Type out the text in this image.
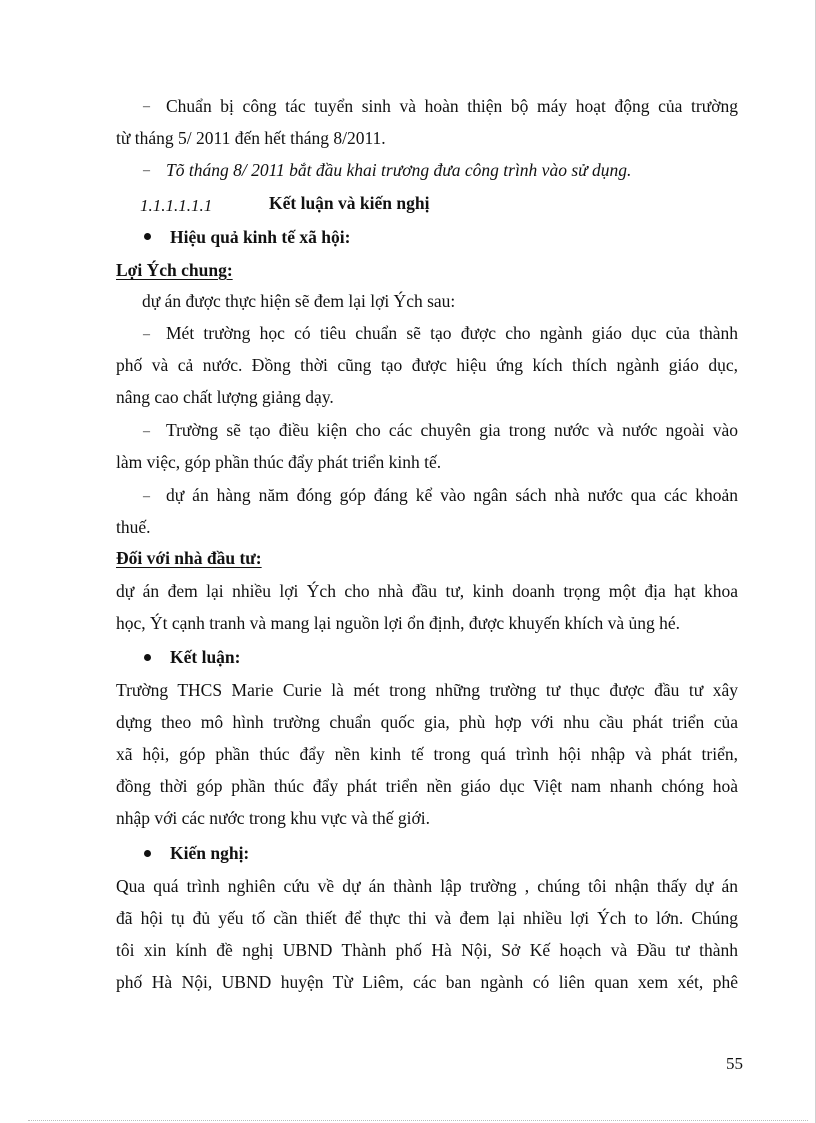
– Chuẩn bị công tác tuyển sinh và hoàn thiện bộ máy hoạt động của trường
từ tháng 5/ 2011 đến hết tháng 8/2011.
– Tõ tháng 8/ 2011 bắt đầu khai trương đưa công trình vào sử dụng.
1.1.1.1.1.1	Kết luận và kiến nghị
Hiệu quả kinh tế xã hội:
Lợi Ých chung:
dự án được thực hiện sẽ đem lại lợi Ých sau:
– Mét trường học có tiêu chuẩn sẽ tạo được cho ngành giáo dục của thành
phố và cả nước. Đồng thời cũng tạo được hiệu ứng kích thích ngành giáo dục,
nâng cao chất lượng giảng dạy.
– Trường sẽ tạo điều kiện cho các chuyên gia trong nước và nước ngoài vào
làm việc, góp phần thúc đẩy phát triển kinh tế.
– dự án hàng năm đóng góp đáng kể vào ngân sách nhà nước qua các khoản
thuế.
Đối với nhà đầu tư:
dự án đem lại nhiều lợi Ých cho nhà đầu tư, kinh doanh trọng một địa hạt khoa
học, Ýt cạnh tranh và mang lại nguồn lợi ổn định, được khuyến khích và ủng hé.
Kết luận:
Trường THCS Marie Curie là mét trong những trường tư thục được đầu tư xây
dựng theo mô hình trường chuẩn quốc gia, phù hợp với nhu cầu phát triển của
xã hội, góp phần thúc đẩy nền kinh tế trong quá trình hội nhập và phát triển,
đồng thời góp phần thúc đẩy phát triển nền giáo dục Việt nam nhanh chóng hoà
nhập với các nước trong khu vực và thế giới.
Kiến nghị:
Qua quá trình nghiên cứu về dự án thành lập trường , chúng tôi nhận thấy dự án
đã hội tụ đủ yếu tố cần thiết để thực thi và đem lại nhiều lợi Ých to lớn. Chúng
tôi xin kính đề nghị UBND Thành phố Hà Nội, Sở Kế hoạch và Đầu tư thành
phố Hà Nội, UBND huyện Từ Liêm, các ban ngành có liên quan xem xét, phê
55
